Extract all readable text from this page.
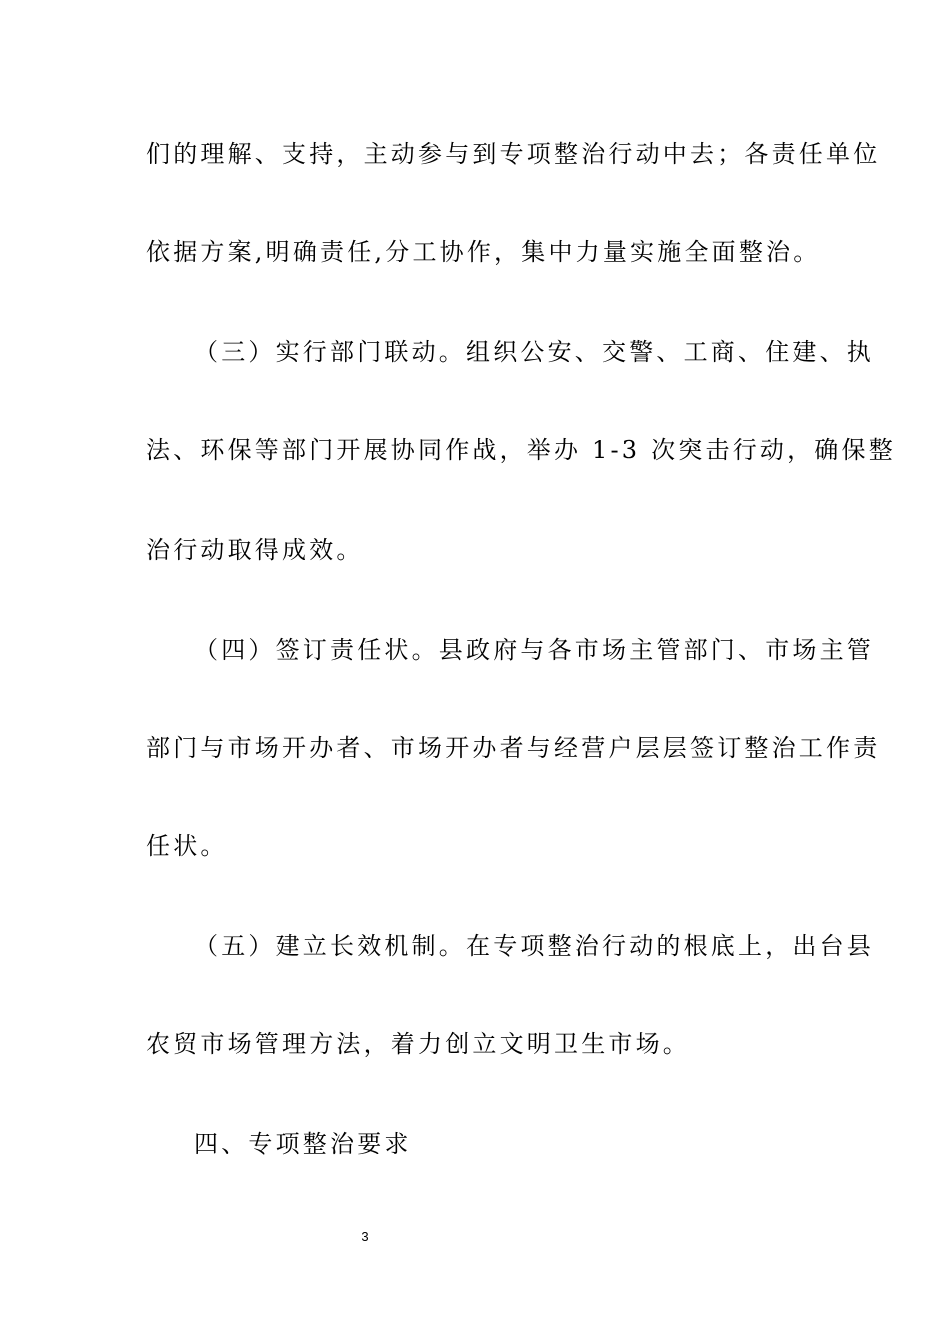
们的理解、支持，主动参与到专项整治行动中去；各责任单位
依据方案,明确责任,分工协作，集中力量实施全面整治。
（三）实行部门联动。组织公安、交警、工商、住建、执
法、环保等部门开展协同作战，举办 1-3 次突击行动，确保整
治行动取得成效。
（四）签订责任状。县政府与各市场主管部门、市场主管
部门与市场开办者、市场开办者与经营户层层签订整治工作责
任状。
（五）建立长效机制。在专项整治行动的根底上，出台县
农贸市场管理方法，着力创立文明卫生市场。
四、专项整治要求
3
